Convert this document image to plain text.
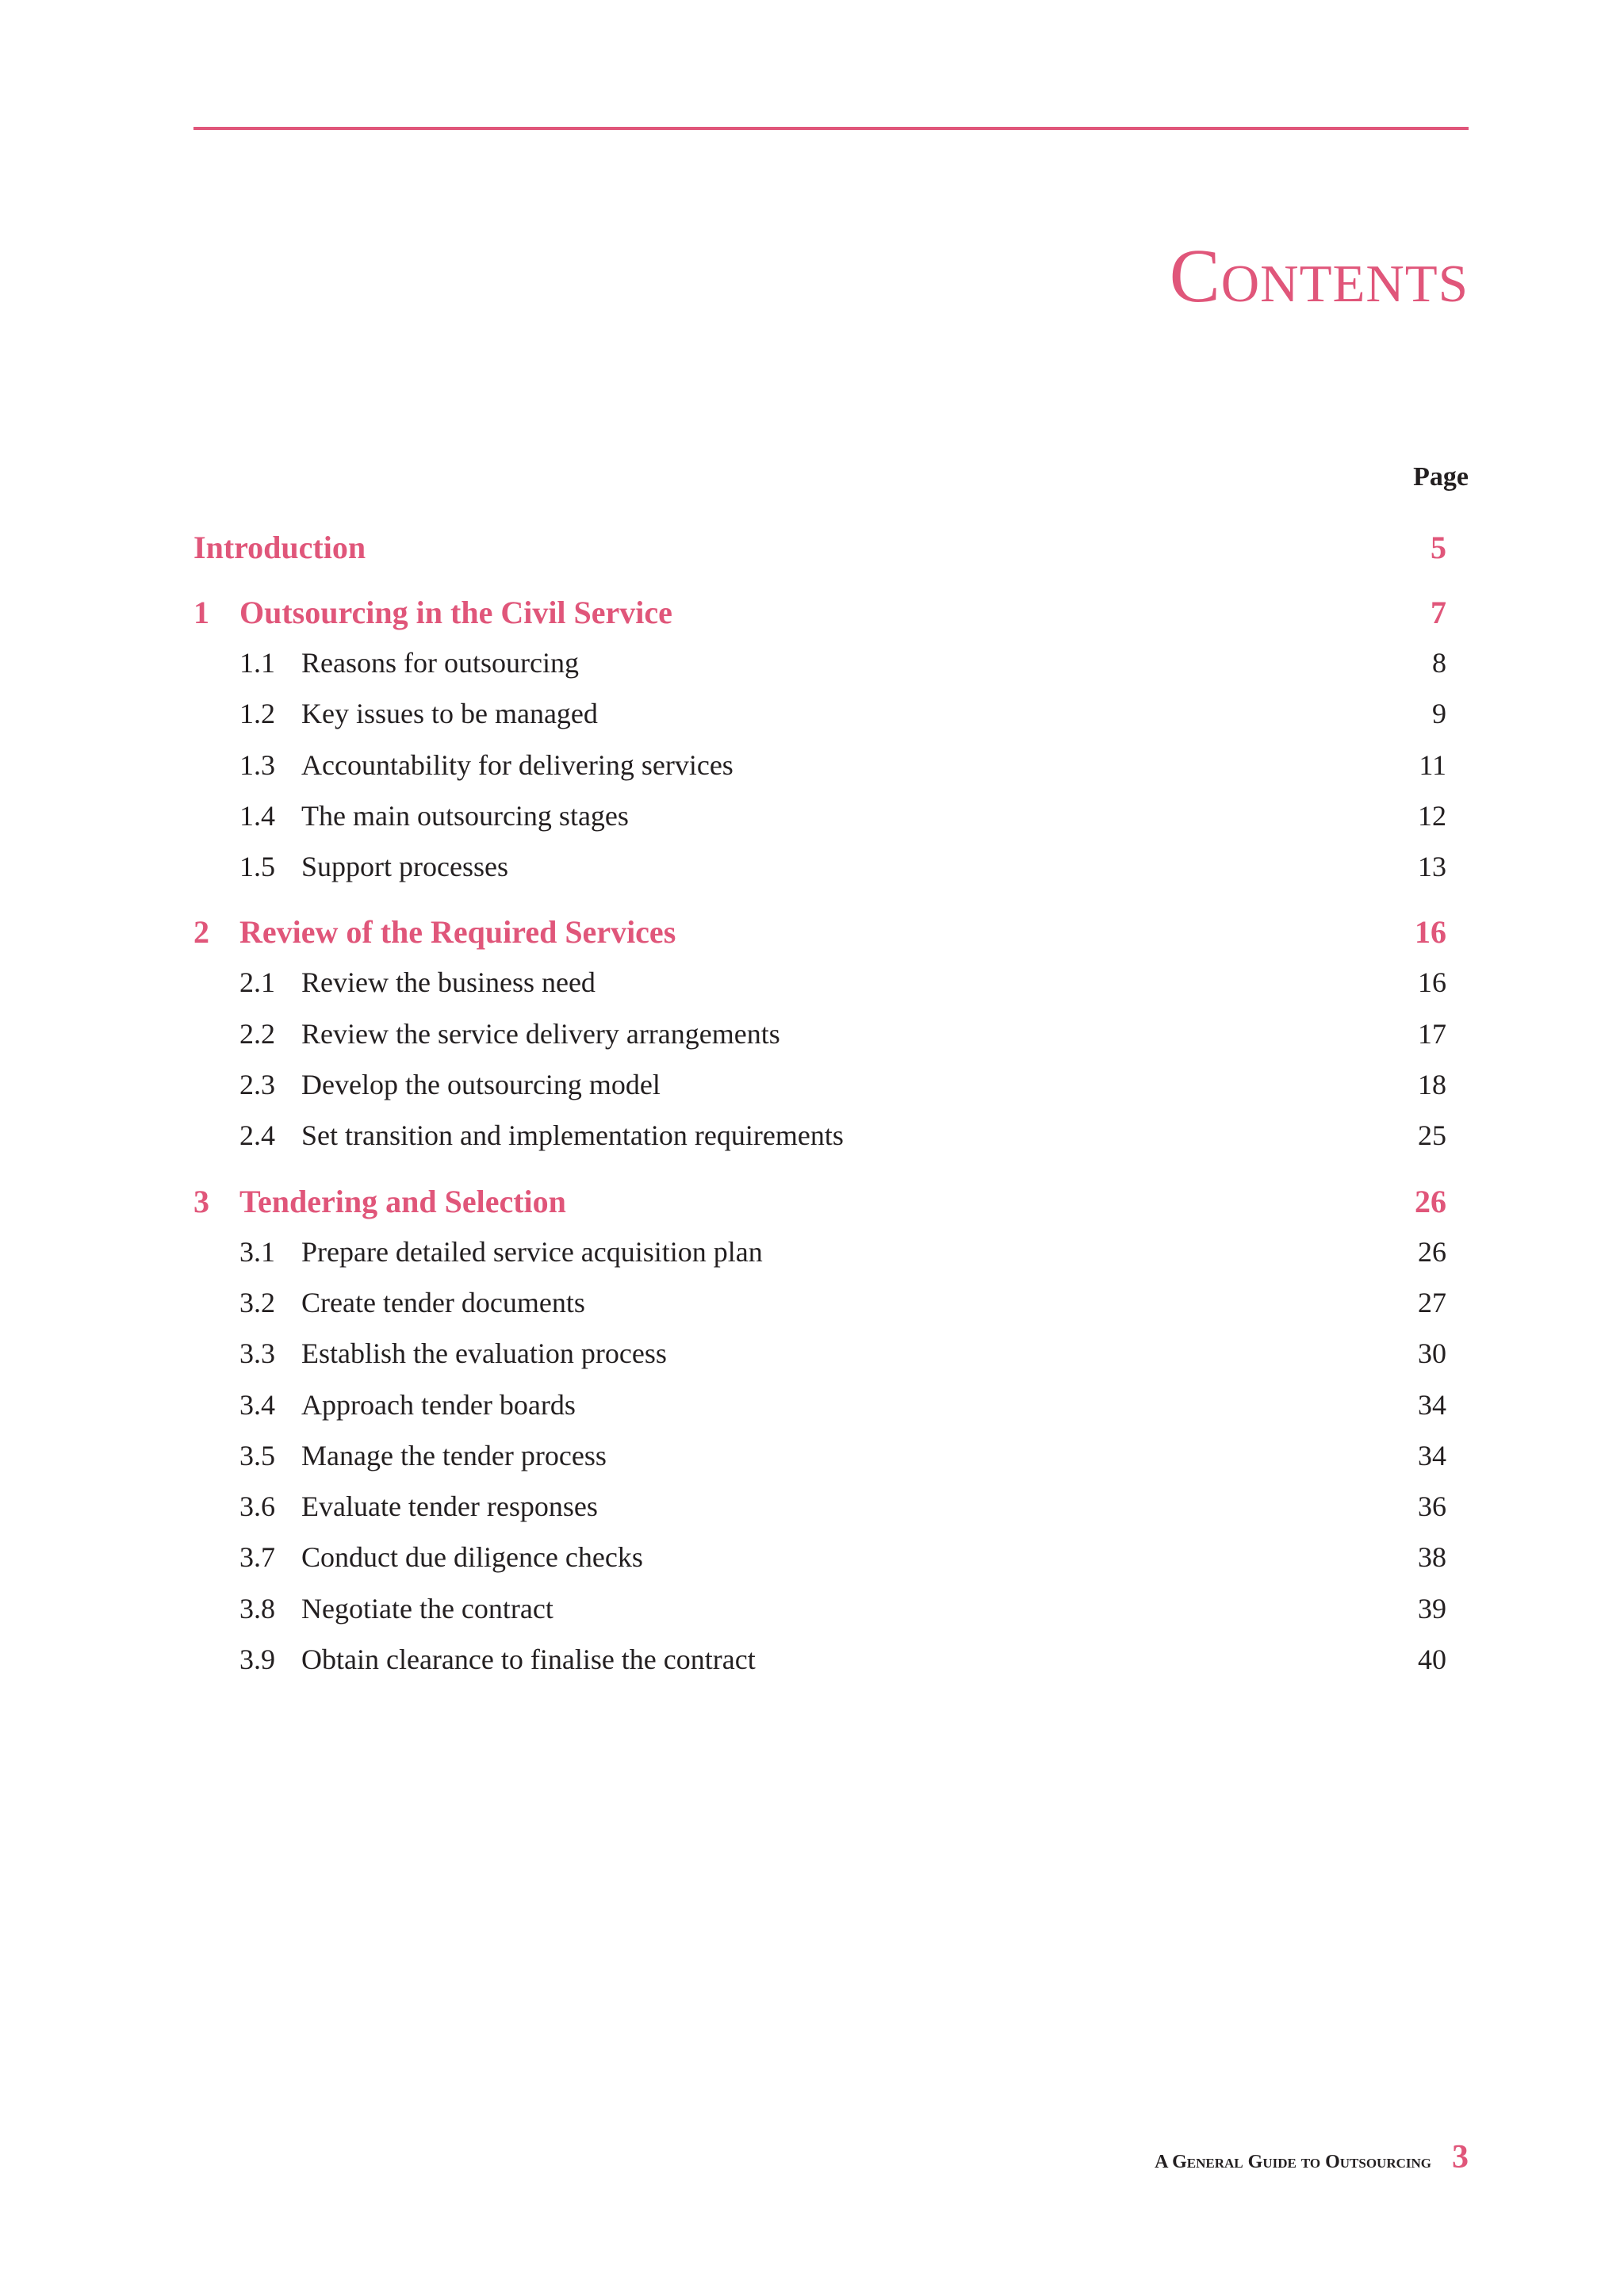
Contents
Page
Introduction	5
1 Outsourcing in the Civil Service	7
1.1 Reasons for outsourcing	8
1.2 Key issues to be managed	9
1.3 Accountability for delivering services	11
1.4 The main outsourcing stages	12
1.5 Support processes	13
2 Review of the Required Services	16
2.1 Review the business need	16
2.2 Review the service delivery arrangements	17
2.3 Develop the outsourcing model	18
2.4 Set transition and implementation requirements	25
3 Tendering and Selection	26
3.1 Prepare detailed service acquisition plan	26
3.2 Create tender documents	27
3.3 Establish the evaluation process	30
3.4 Approach tender boards	34
3.5 Manage the tender process	34
3.6 Evaluate tender responses	36
3.7 Conduct due diligence checks	38
3.8 Negotiate the contract	39
3.9 Obtain clearance to finalise the contract	40
A General Guide to Outsourcing 3
